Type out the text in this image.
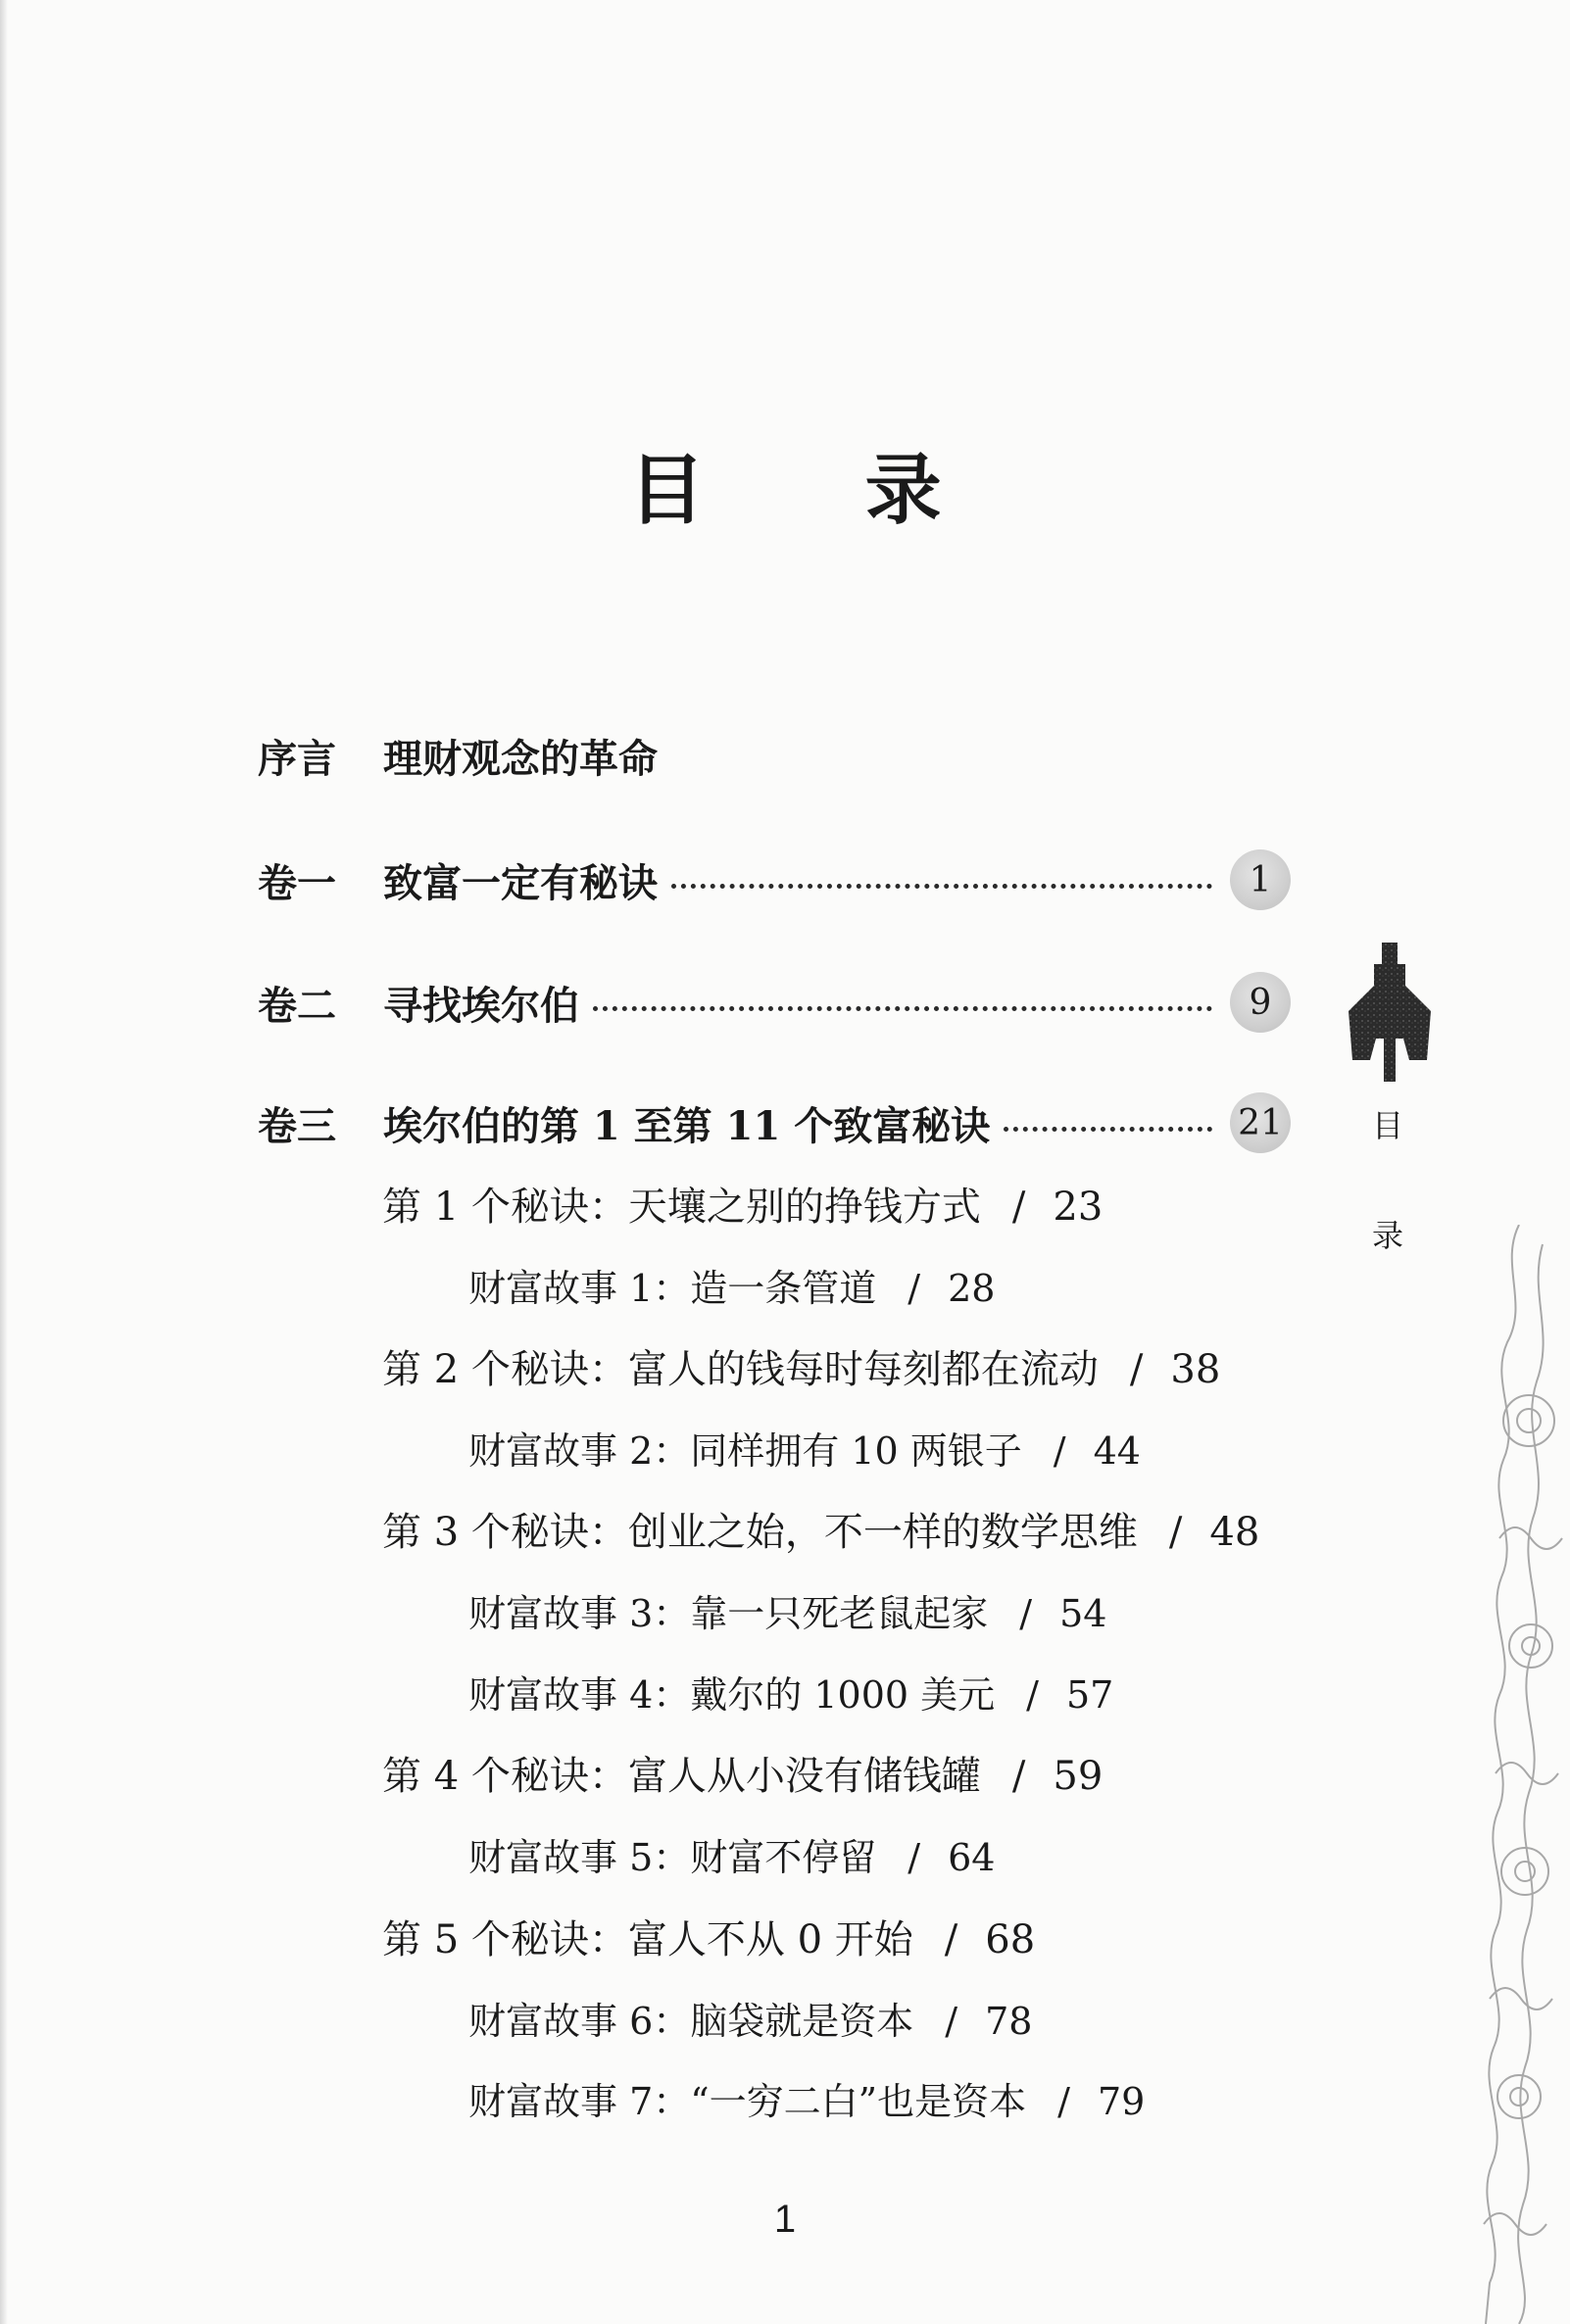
目 录
序言 理财观念的革命
卷一	致富一定有秘诀	1
卷二	寻找埃尔伯	9
卷三	埃尔伯的第 1 至第 11 个致富秘诀	21
第 1 个秘诀：天壤之别的挣钱方式 / 23
财富故事 1：造一条管道 / 28
第 2 个秘诀：富人的钱每时每刻都在流动 / 38
财富故事 2：同样拥有 10 两银子 / 44
第 3 个秘诀：创业之始，不一样的数学思维 / 48
财富故事 3：靠一只死老鼠起家 / 54
财富故事 4：戴尔的 1000 美元 / 57
第 4 个秘诀：富人从小没有储钱罐 / 59
财富故事 5：财富不停留 / 64
第 5 个秘诀：富人不从 0 开始 / 68
财富故事 6：脑袋就是资本 / 78
财富故事 7：“一穷二白”也是资本 / 79
目
录
1
